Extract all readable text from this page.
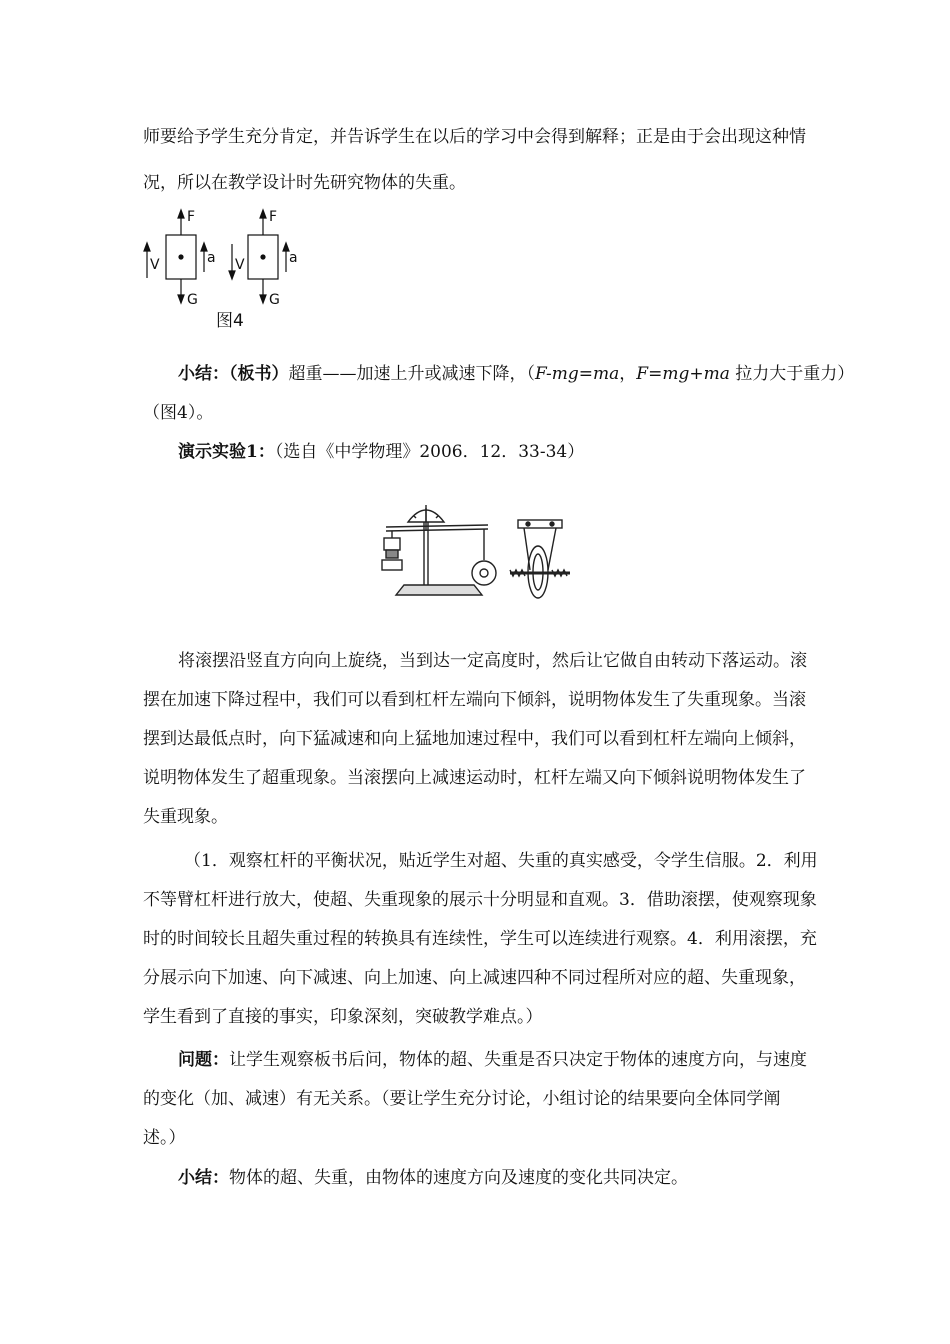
师要给予学生充分肯定，并告诉学生在以后的学习中会得到解释；正是由于会出现这种情
况，所以在教学设计时先研究物体的失重。
F
G
V	a
F
G
V	a
图4
小结：（板书）超重——加速上升或减速下降，（F-mg=ma，F=mg+ma 拉力大于重力）
（图4）。
演示实验1：（选自《中学物理》2006．12．33-34）
将滚摆沿竖直方向向上旋绕，当到达一定高度时，然后让它做自由转动下落运动。滚
摆在加速下降过程中，我们可以看到杠杆左端向下倾斜，说明物体发生了失重现象。当滚
摆到达最低点时，向下猛减速和向上猛地加速过程中，我们可以看到杠杆左端向上倾斜，
说明物体发生了超重现象。当滚摆向上减速运动时，杠杆左端又向下倾斜说明物体发生了
失重现象。
（1．观察杠杆的平衡状况，贴近学生对超、失重的真实感受，令学生信服。2．利用
不等臂杠杆进行放大，使超、失重现象的展示十分明显和直观。3．借助滚摆，使观察现象
时的时间较长且超失重过程的转换具有连续性，学生可以连续进行观察。4．利用滚摆，充
分展示向下加速、向下减速、向上加速、向上减速四种不同过程所对应的超、失重现象，
学生看到了直接的事实，印象深刻，突破教学难点。）
问题：让学生观察板书后问，物体的超、失重是否只决定于物体的速度方向，与速度
的变化（加、减速）有无关系。（要让学生充分讨论，小组讨论的结果要向全体同学阐
述。）
小结：物体的超、失重，由物体的速度方向及速度的变化共同决定。
